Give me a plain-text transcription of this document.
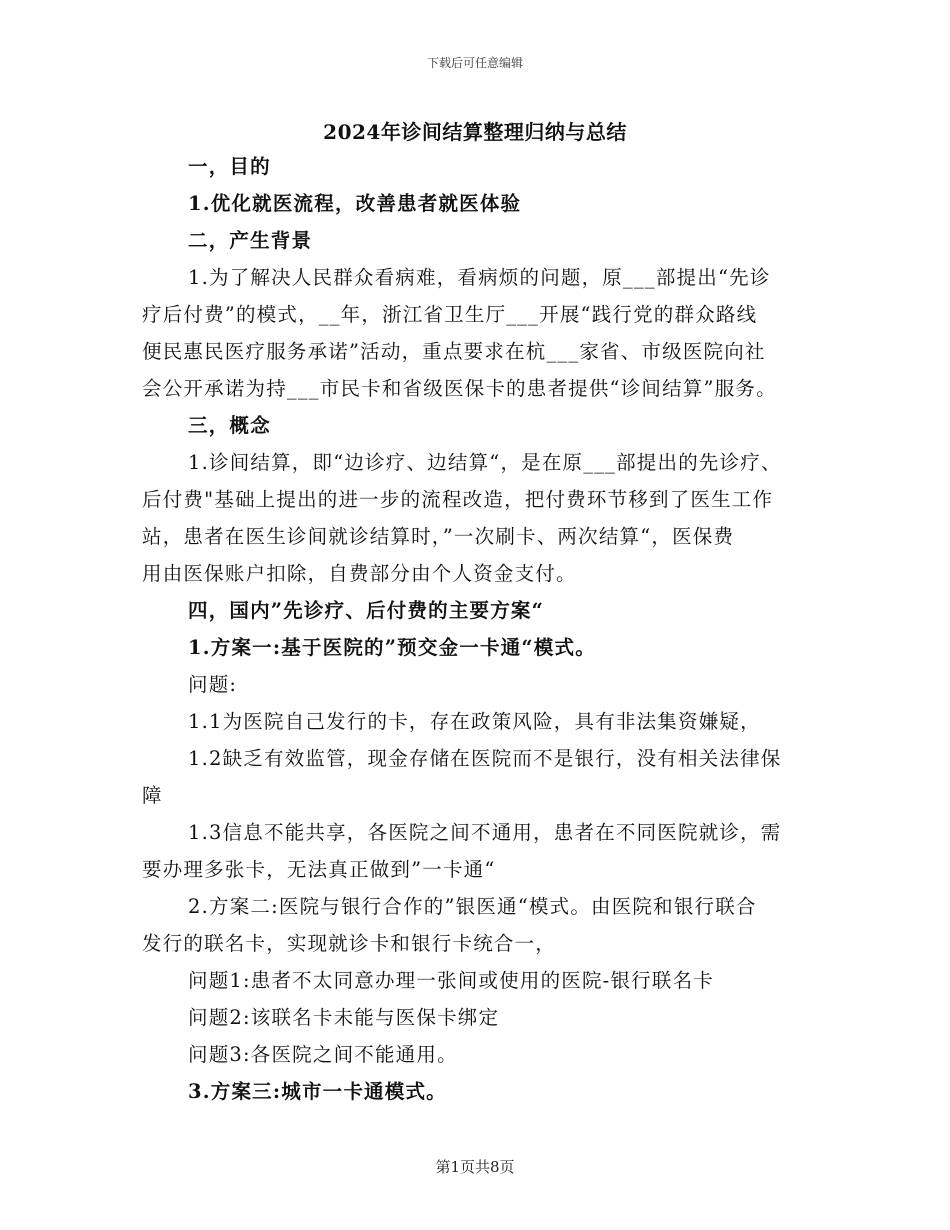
下载后可任意编辑
2024年诊间结算整理归纳与总结

一，目的

1.优化就医流程，改善患者就医体验

二，产生背景

1.为了解决人民群众看病难，看病烦的问题，原___部提出“先诊

疗后付费”的模式，__年，浙江省卫生厅___开展“践行党的群众路线

便民惠民医疗服务承诺”活动，重点要求在杭___家省、市级医院向社

会公开承诺为持___市民卡和省级医保卡的患者提供“诊间结算”服务。

三，概念

1.诊间结算，即“边诊疗、边结算“，是在原___部提出的先诊疗、

后付费"基础上提出的进一步的流程改造，把付费环节移到了医生工作

站，患者在医生诊间就诊结算时，”一次刷卡、两次结算“，医保费

用由医保账户扣除，自费部分由个人资金支付。

四，国内”先诊疗、后付费的主要方案“

1.方案一:基于医院的”预交金一卡通“模式。

问题:

1.1为医院自己发行的卡，存在政策风险，具有非法集资嫌疑，

1.2缺乏有效监管，现金存储在医院而不是银行，没有相关法律保

障

1.3信息不能共享，各医院之间不通用，患者在不同医院就诊，需

要办理多张卡，无法真正做到”一卡通“

2.方案二:医院与银行合作的”银医通“模式。由医院和银行联合

发行的联名卡，实现就诊卡和银行卡统合一，

问题1:患者不太同意办理一张间或使用的医院-银行联名卡

问题2:该联名卡未能与医保卡绑定

问题3:各医院之间不能通用。

3.方案三:城市一卡通模式。

第1页共8页
